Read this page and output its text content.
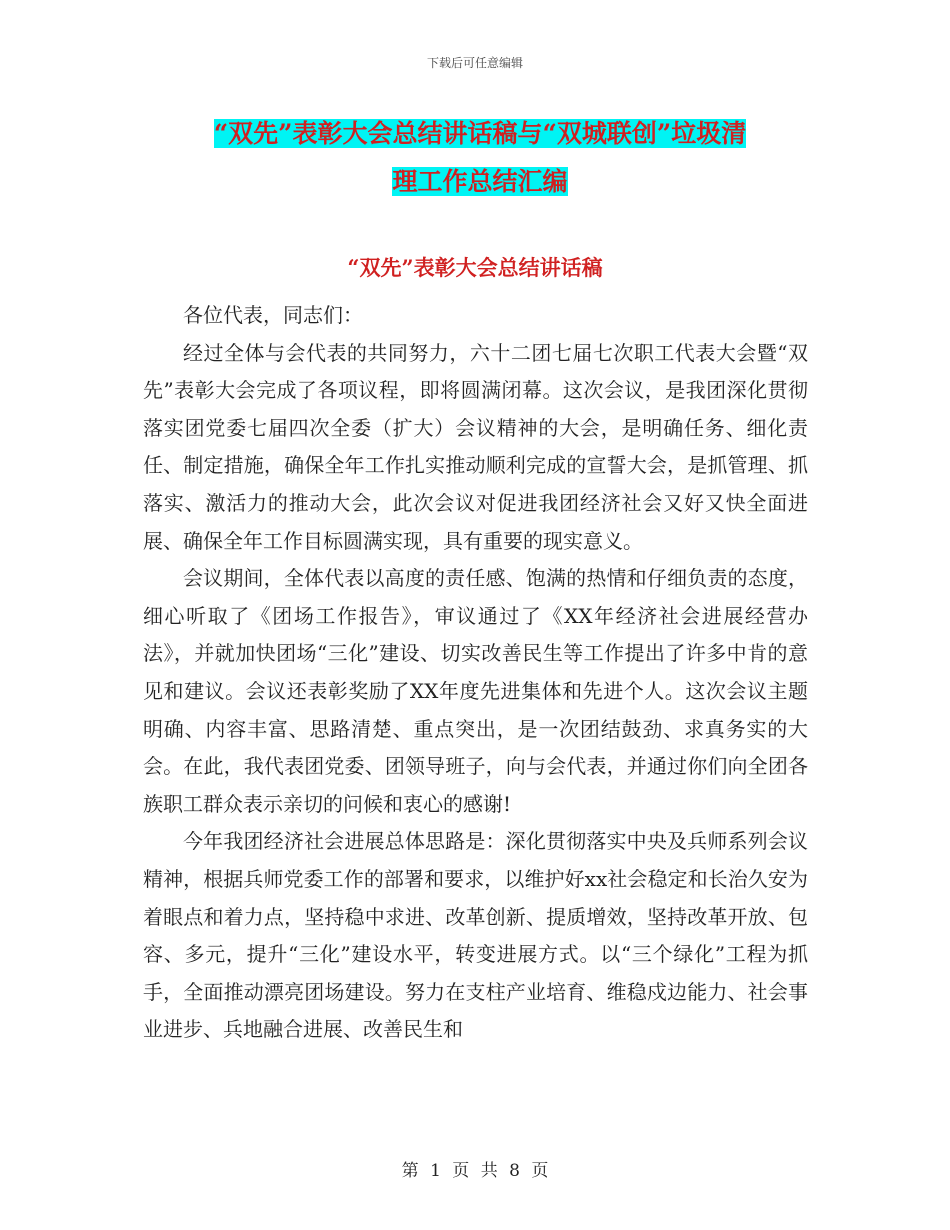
下载后可任意编辑
“双先”表彰大会总结讲话稿与“双城联创”垃圾清
理工作总结汇编
“双先”表彰大会总结讲话稿

各位代表，同志们：

经过全体与会代表的共同努力，六十二团七届七次职工代表大会暨“双先”表彰大会完成了各项议程，即将圆满闭幕。这次会议，是我团深化贯彻落实团党委七届四次全委（扩大）会议精神的大会，是明确任务、细化责任、制定措施，确保全年工作扎实推动顺利完成的宣誓大会，是抓管理、抓落实、激活力的推动大会，此次会议对促进我团经济社会又好又快全面进展、确保全年工作目标圆满实现，具有重要的现实意义。

会议期间，全体代表以高度的责任感、饱满的热情和仔细负责的态度，细心听取了《团场工作报告》，审议通过了《XX年经济社会进展经营办法》，并就加快团场“三化”建设、切实改善民生等工作提出了许多中肯的意见和建议。会议还表彰奖励了XX年度先进集体和先进个人。这次会议主题明确、内容丰富、思路清楚、重点突出，是一次团结鼓劲、求真务实的大会。在此，我代表团党委、团领导班子，向与会代表，并通过你们向全团各族职工群众表示亲切的问候和衷心的感谢!

今年我团经济社会进展总体思路是：深化贯彻落实中央及兵师系列会议精神，根据兵师党委工作的部署和要求，以维护好xx社会稳定和长治久安为着眼点和着力点，坚持稳中求进、改革创新、提质增效，坚持改革开放、包容、多元，提升“三化”建设水平，转变进展方式。以“三个绿化”工程为抓手，全面推动漂亮团场建设。努力在支柱产业培育、维稳戍边能力、社会事业进步、兵地融合进展、改善民生和

第 1 页 共 8 页
